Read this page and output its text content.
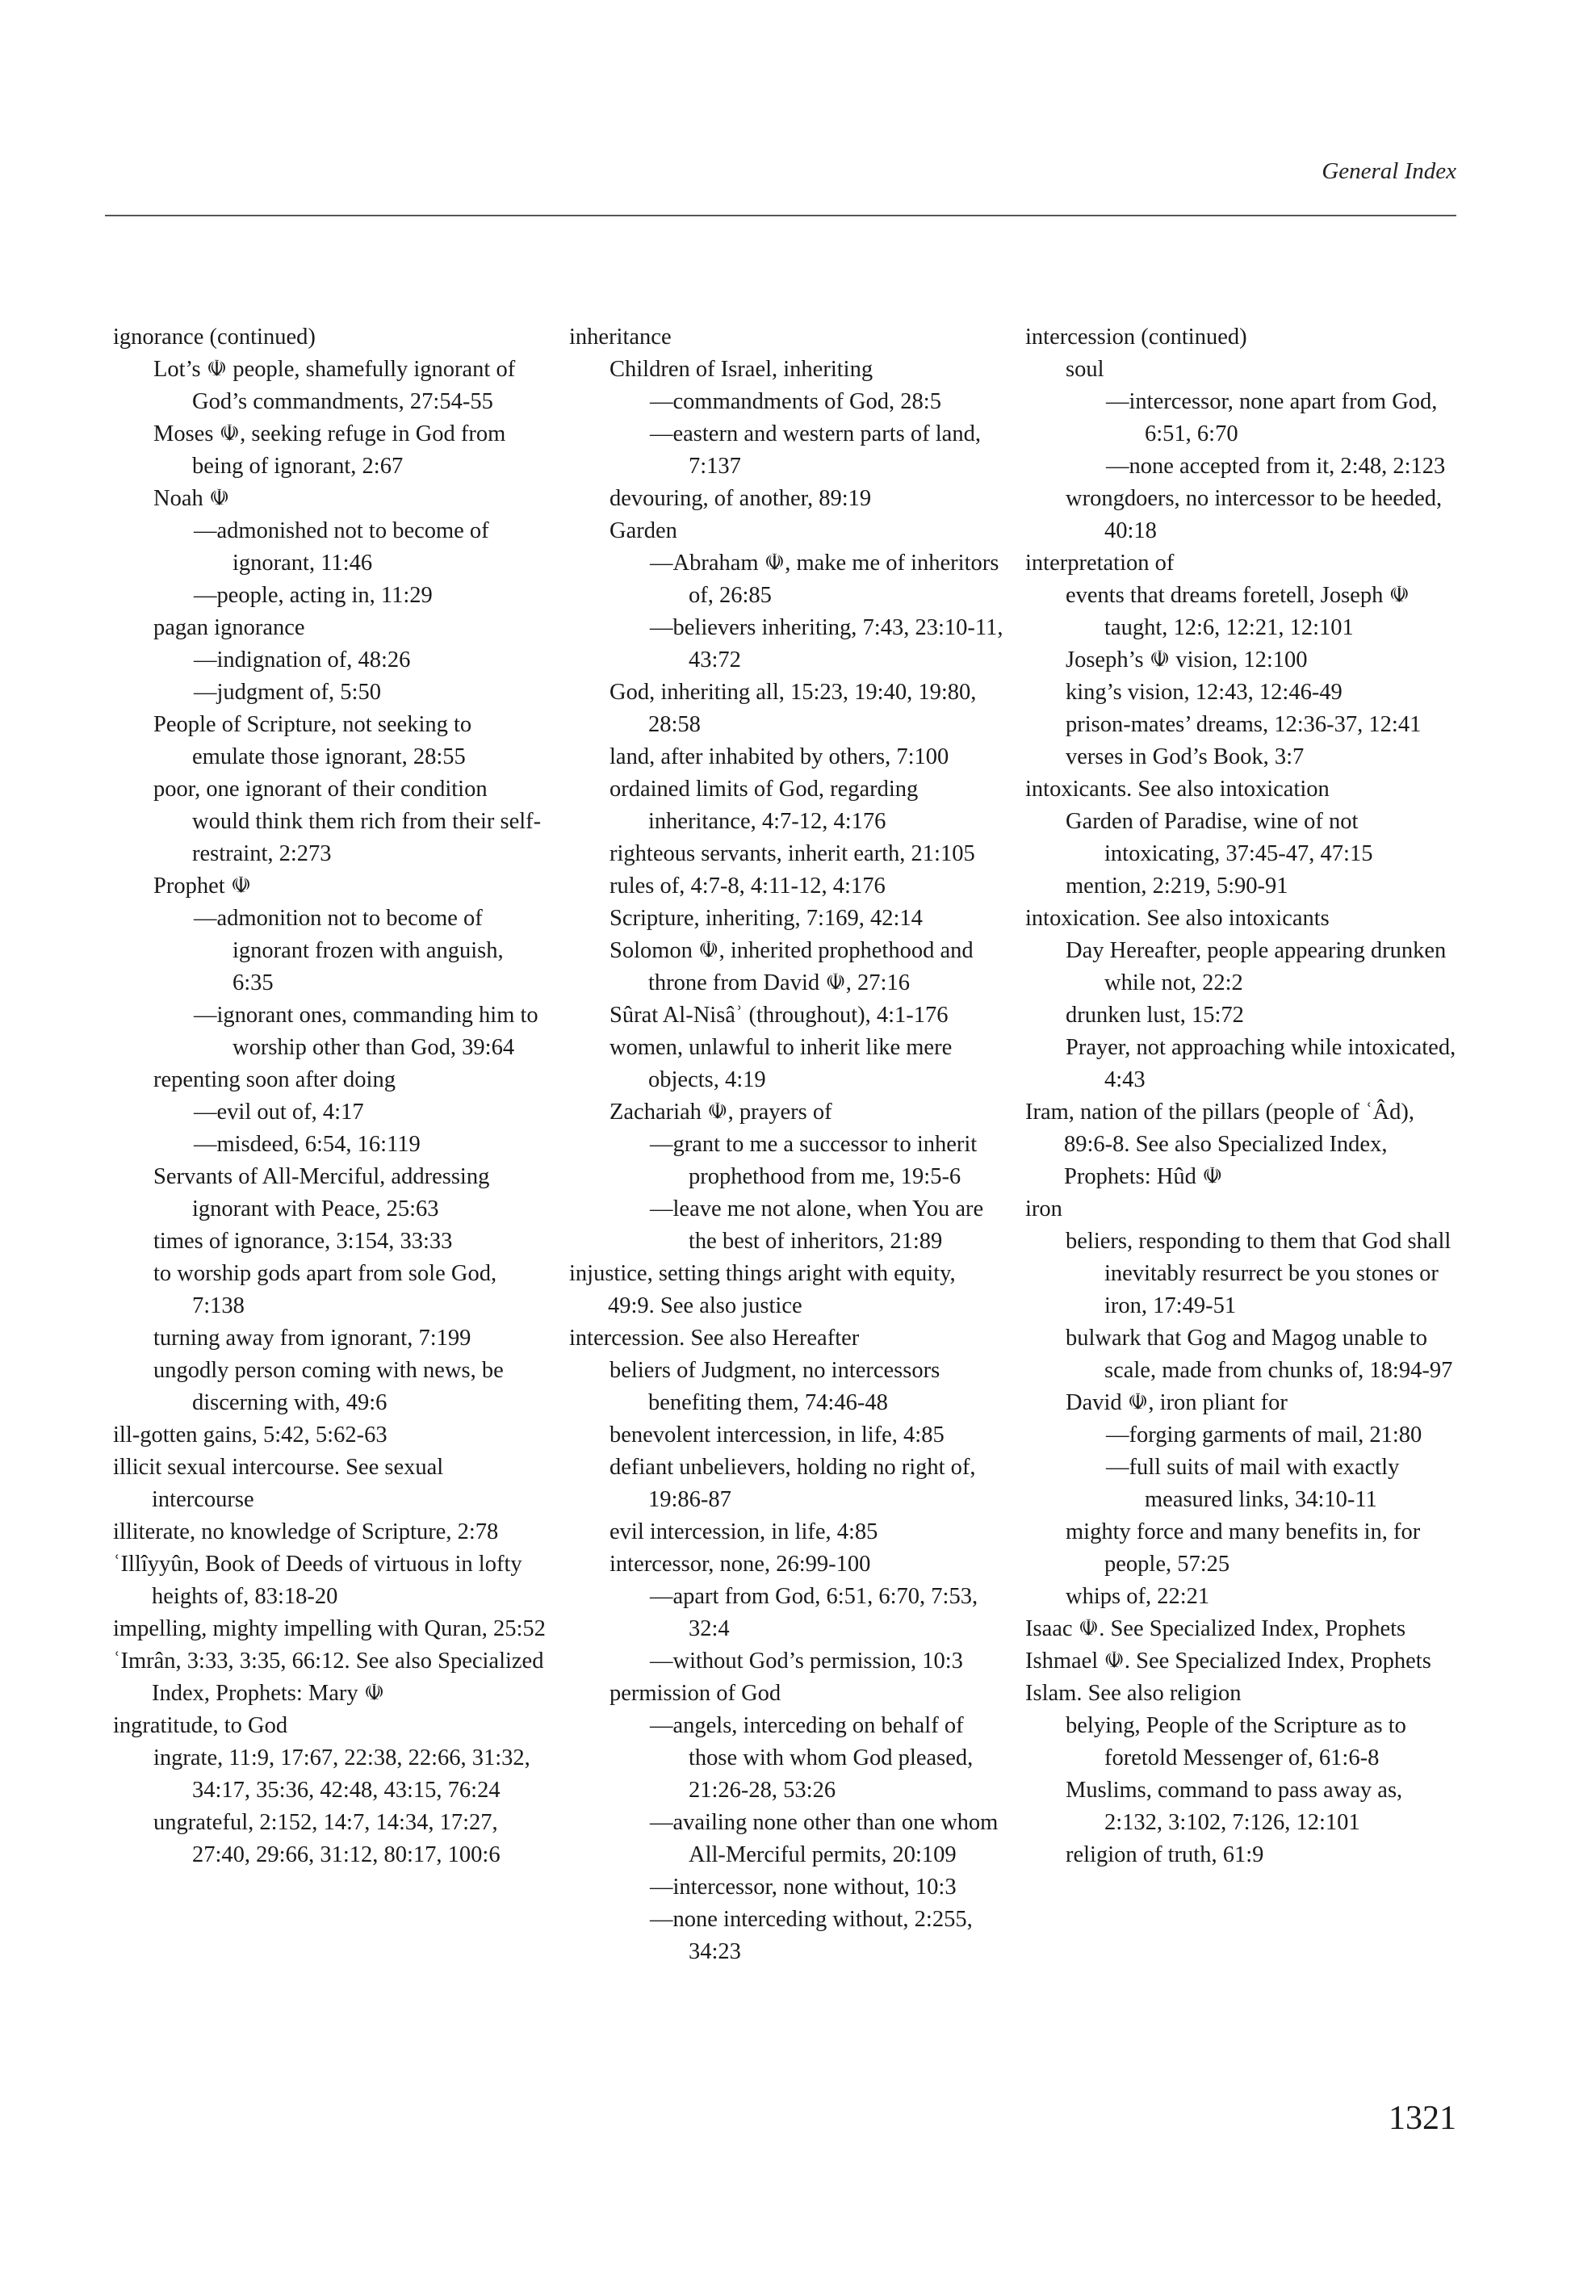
General Index
ignorance (continued)
Lot’s ☫ people, shamefully ignorant of God’s commandments, 27:54-55
Moses ☫, seeking refuge in God from being of ignorant, 2:67
Noah ☫
—admonished not to become of ignorant, 11:46
—people, acting in, 11:29
pagan ignorance
—indignation of, 48:26
—judgment of, 5:50
People of Scripture, not seeking to emulate those ignorant, 28:55
poor, one ignorant of their condition would think them rich from their self-restraint, 2:273
Prophet ☫
—admonition not to become of ignorant frozen with anguish, 6:35
—ignorant ones, commanding him to worship other than God, 39:64
repenting soon after doing
—evil out of, 4:17
—misdeed, 6:54, 16:119
Servants of All-Merciful, addressing ignorant with Peace, 25:63
times of ignorance, 3:154, 33:33
to worship gods apart from sole God, 7:138
turning away from ignorant, 7:199
ungodly person coming with news, be discerning with, 49:6
ill-gotten gains, 5:42, 5:62-63
illicit sexual intercourse. See sexual intercourse
illiterate, no knowledge of Scripture, 2:78
ʿIllîyyûn, Book of Deeds of virtuous in lofty heights of, 83:18-20
impelling, mighty impelling with Quran, 25:52
ʿImrân, 3:33, 3:35, 66:12. See also Specialized Index, Prophets: Mary ☫
ingratitude, to God
ingrate, 11:9, 17:67, 22:38, 22:66, 31:32, 34:17, 35:36, 42:48, 43:15, 76:24
ungrateful, 2:152, 14:7, 14:34, 17:27, 27:40, 29:66, 31:12, 80:17, 100:6
inheritance
Children of Israel, inheriting
—commandments of God, 28:5
—eastern and western parts of land, 7:137
devouring, of another, 89:19
Garden
—Abraham ☫, make me of inheritors of, 26:85
—believers inheriting, 7:43, 23:10-11, 43:72
God, inheriting all, 15:23, 19:40, 19:80, 28:58
land, after inhabited by others, 7:100
ordained limits of God, regarding inheritance, 4:7-12, 4:176
righteous servants, inherit earth, 21:105
rules of, 4:7-8, 4:11-12, 4:176
Scripture, inheriting, 7:169, 42:14
Solomon ☫, inherited prophethood and throne from David ☫, 27:16
Sûrat Al-Nisâʾ (throughout), 4:1-176
women, unlawful to inherit like mere objects, 4:19
Zachariah ☫, prayers of
—grant to me a successor to inherit prophethood from me, 19:5-6
—leave me not alone, when You are the best of inheritors, 21:89
injustice, setting things aright with equity, 49:9. See also justice
intercession. See also Hereafter
beliers of Judgment, no intercessors benefiting them, 74:46-48
benevolent intercession, in life, 4:85
defiant unbelievers, holding no right of, 19:86-87
evil intercession, in life, 4:85
intercessor, none, 26:99-100
—apart from God, 6:51, 6:70, 7:53, 32:4
—without God’s permission, 10:3
permission of God
—angels, interceding on behalf of those with whom God pleased, 21:26-28, 53:26
—availing none other than one whom All-Merciful permits, 20:109
—intercessor, none without, 10:3
—none interceding without, 2:255, 34:23
intercession (continued)
soul
—intercessor, none apart from God, 6:51, 6:70
—none accepted from it, 2:48, 2:123
wrongdoers, no intercessor to be heeded, 40:18
interpretation of
events that dreams foretell, Joseph ☫ taught, 12:6, 12:21, 12:101
Joseph’s ☫ vision, 12:100
king’s vision, 12:43, 12:46-49
prison-mates’ dreams, 12:36-37, 12:41
verses in God’s Book, 3:7
intoxicants. See also intoxication
Garden of Paradise, wine of not intoxicating, 37:45-47, 47:15
mention, 2:219, 5:90-91
intoxication. See also intoxicants
Day Hereafter, people appearing drunken while not, 22:2
drunken lust, 15:72
Prayer, not approaching while intoxicated, 4:43
Iram, nation of the pillars (people of ʿÂd), 89:6-8. See also Specialized Index, Prophets: Hûd ☫
iron
beliers, responding to them that God shall inevitably resurrect be you stones or iron, 17:49-51
bulwark that Gog and Magog unable to scale, made from chunks of, 18:94-97
David ☫, iron pliant for
—forging garments of mail, 21:80
—full suits of mail with exactly measured links, 34:10-11
mighty force and many benefits in, for people, 57:25
whips of, 22:21
Isaac ☫. See Specialized Index, Prophets
Ishmael ☫. See Specialized Index, Prophets
Islam. See also religion
belying, People of the Scripture as to foretold Messenger of, 61:6-8
Muslims, command to pass away as, 2:132, 3:102, 7:126, 12:101
religion of truth, 61:9
1321
